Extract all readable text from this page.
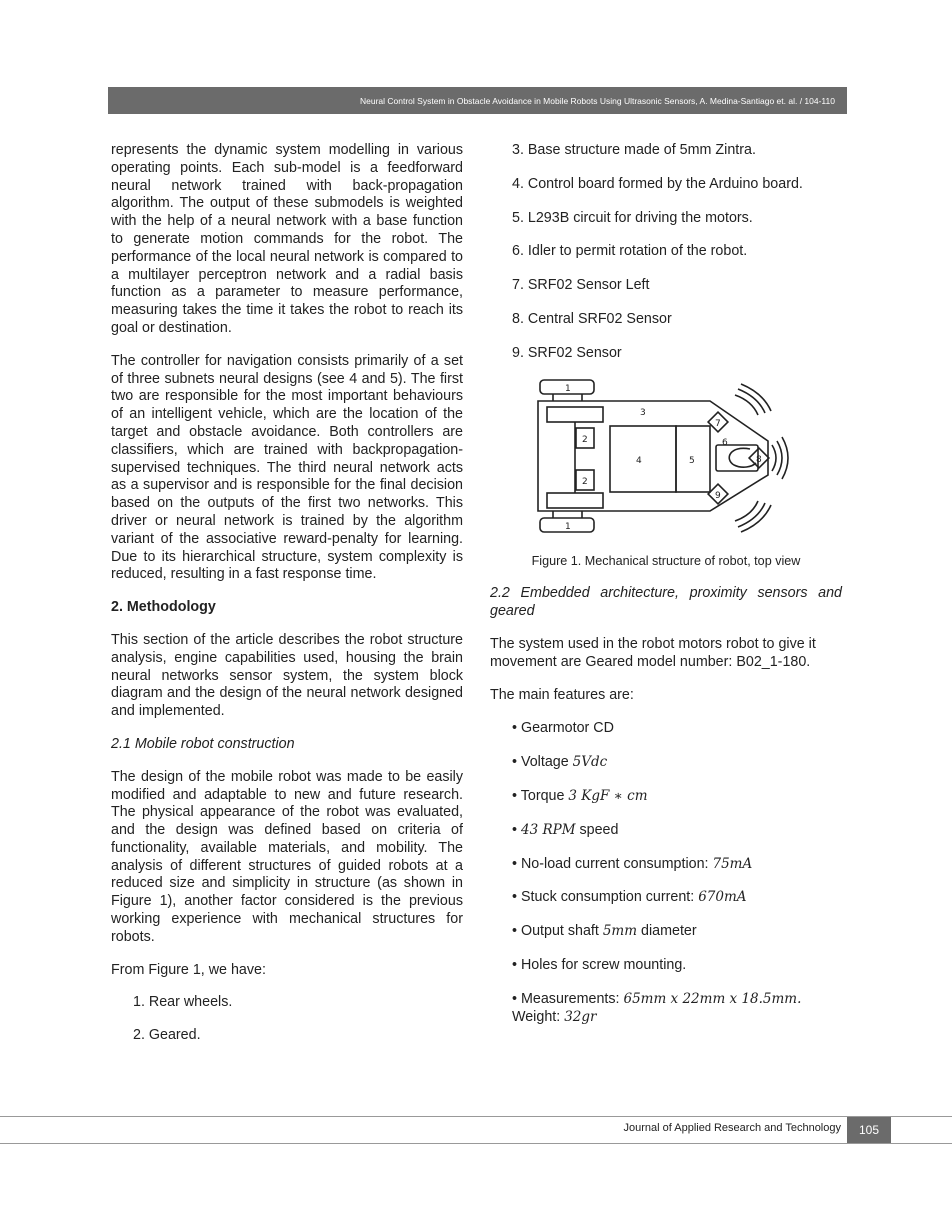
Neural Control System in Obstacle Avoidance in Mobile Robots Using Ultrasonic Sensors, A. Medina-Santiago et. al. / 104-110

represents the dynamic system modelling in various operating points. Each sub-model is a feedforward neural network trained with back-propagation algorithm. The output of these submodels is weighted with the help of a neural network with a base function to generate motion commands for the robot. The performance of the local neural network is compared to a multilayer perceptron network and a radial basis function as a parameter to measure performance, measuring takes the time it takes the robot to reach its goal or destination.

The controller for navigation consists primarily of a set of three subnets neural designs (see 4 and 5). The first two are responsible for the most important behaviours of an intelligent vehicle, which are the location of the target and obstacle avoidance. Both controllers are classifiers, which are trained with backpropagation-supervised techniques. The third neural network acts as a supervisor and is responsible for the final decision based on the outputs of the first two networks. This driver or neural network is trained by the algorithm variant of the associative reward-penalty for learning. Due to its hierarchical structure, system complexity is reduced, resulting in a fast response time.

2. Methodology

This section of the article describes the robot structure analysis, engine capabilities used, housing the brain neural networks sensor system, the system block diagram and the design of the neural network designed and implemented.

2.1 Mobile robot construction

The design of the mobile robot was made to be easily modified and adaptable to new and future research. The physical appearance of the robot was evaluated, and the design was defined based on criteria of functionality, available materials, and mobility. The analysis of different structures of guided robots at a reduced size and simplicity in structure (as shown in Figure 1), another factor considered is the previous working experience with mechanical structures for robots.

From Figure 1, we have:

1. Rear wheels.

2. Geared.

3. Base structure made of 5mm Zintra.

4. Control board formed by the Arduino board.

5. L293B circuit for driving the motors.

6. Idler to permit rotation of the robot.

7. SRF02 Sensor Left

8. Central SRF02 Sensor

9. SRF02 Sensor

1
1
2
2
3
4	5
6
7
8
9

Figure 1. Mechanical structure of robot, top view

2.2 Embedded architecture, proximity sensors and geared

The system used in the robot motors robot to give it movement are Geared model number: B02_1-180.

The main features are:

• Gearmotor CD

• Voltage 5Vdc

• Torque 3 KgF ∗ cm

• 43 RPM speed

• No-load current consumption: 75mA

• Stuck consumption current: 670mA

• Output shaft 5mm diameter

• Holes for screw mounting.

• Measurements: 65mm x 22mm x 18.5mm.
Weight: 32gr

Journal of Applied Research and Technology 105
